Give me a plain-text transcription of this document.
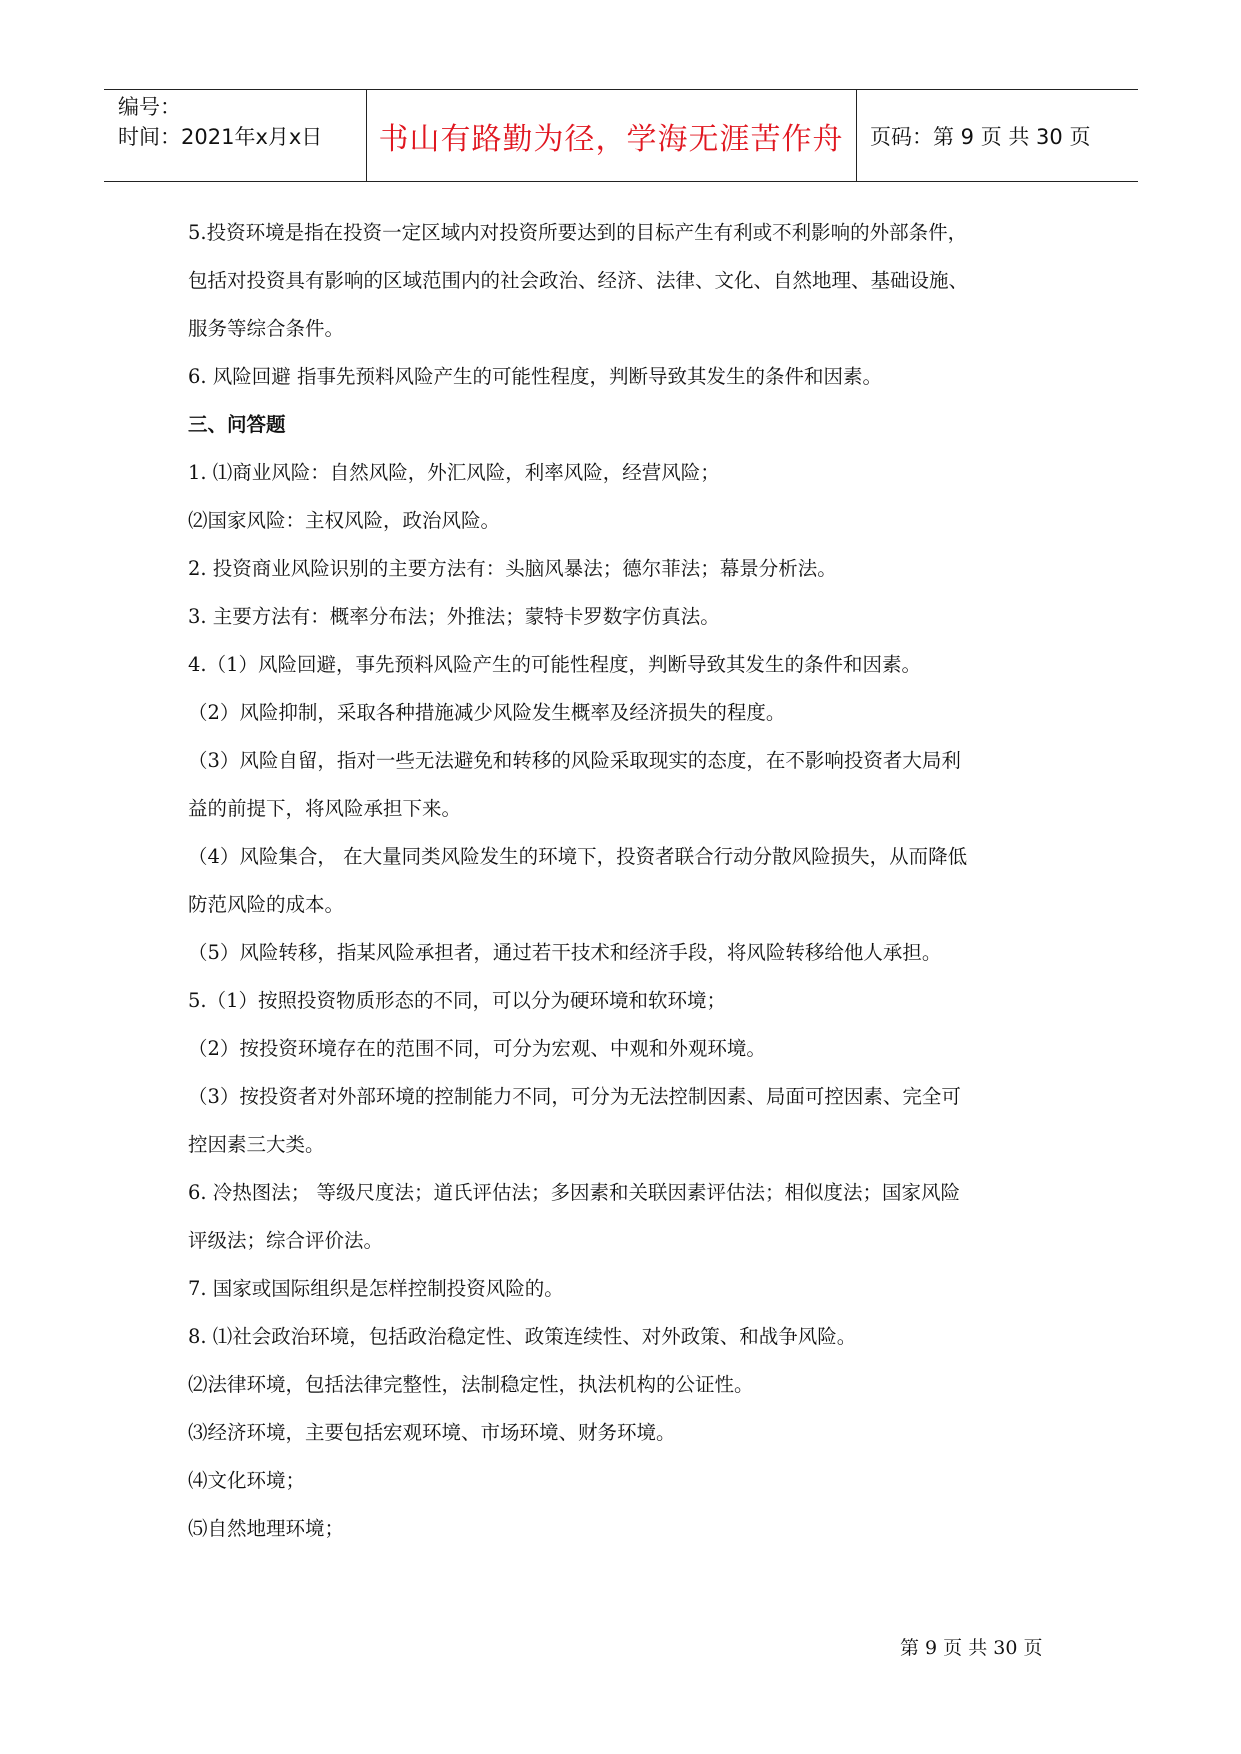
编号：
时间：2021年x月x日	书山有路勤为径，学海无涯苦作舟	页码：第 9 页 共 30 页
5.投资环境是指在投资一定区域内对投资所要达到的目标产生有利或不利影响的外部条件，
包括对投资具有影响的区域范围内的社会政治、经济、法律、文化、自然地理、基础设施、
服务等综合条件。
6. 风险回避 指事先预料风险产生的可能性程度，判断导致其发生的条件和因素。
三、问答题
1. ⑴商业风险：自然风险，外汇风险，利率风险，经营风险；
⑵国家风险：主权风险，政治风险。
2. 投资商业风险识别的主要方法有：头脑风暴法；德尔菲法；幕景分析法。
3. 主要方法有：概率分布法；外推法；蒙特卡罗数字仿真法。
4.（1）风险回避，事先预料风险产生的可能性程度，判断导致其发生的条件和因素。
（2）风险抑制，采取各种措施减少风险发生概率及经济损失的程度。
（3）风险自留，指对一些无法避免和转移的风险采取现实的态度，在不影响投资者大局利
益的前提下，将风险承担下来。
（4）风险集合， 在大量同类风险发生的环境下，投资者联合行动分散风险损失，从而降低
防范风险的成本。
（5）风险转移，指某风险承担者，通过若干技术和经济手段，将风险转移给他人承担。
5.（1）按照投资物质形态的不同，可以分为硬环境和软环境；
（2）按投资环境存在的范围不同，可分为宏观、中观和外观环境。
（3）按投资者对外部环境的控制能力不同，可分为无法控制因素、局面可控因素、完全可
控因素三大类。
6. 冷热图法； 等级尺度法；道氏评估法；多因素和关联因素评估法；相似度法；国家风险
评级法；综合评价法。
7. 国家或国际组织是怎样控制投资风险的。
8. ⑴社会政治环境，包括政治稳定性、政策连续性、对外政策、和战争风险。
⑵法律环境，包括法律完整性，法制稳定性，执法机构的公证性。
⑶经济环境，主要包括宏观环境、市场环境、财务环境。
⑷文化环境；
⑸自然地理环境；
第 9 页 共 30 页
